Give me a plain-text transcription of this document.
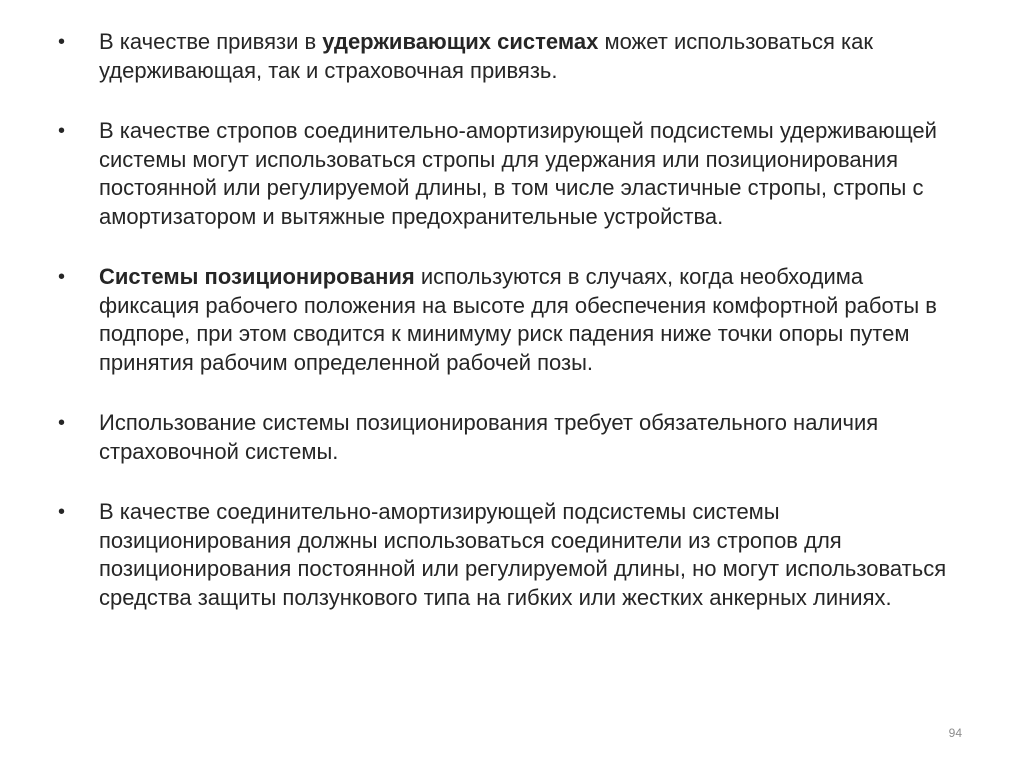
•	В качестве привязи в удерживающих системах может использоваться как удерживающая, так и страховочная привязь.
•	В качестве стропов соединительно-амортизирующей подсистемы удерживающей системы могут использоваться стропы для удержания или позиционирования постоянной или регулируемой длины, в том числе эластичные стропы, стропы с амортизатором и вытяжные предохранительные устройства.
•	Системы позиционирования используются в случаях, когда необходима фиксация рабочего положения на высоте для обеспечения комфортной работы в подпоре, при этом сводится к минимуму риск падения ниже точки опоры путем принятия рабочим определенной рабочей позы.
•	Использование системы позиционирования требует обязательного наличия страховочной системы.
•	В качестве соединительно-амортизирующей подсистемы системы позиционирования должны использоваться соединители из стропов для позиционирования постоянной или регулируемой длины, но могут использоваться средства защиты ползункового типа на гибких или жестких анкерных линиях.
94
